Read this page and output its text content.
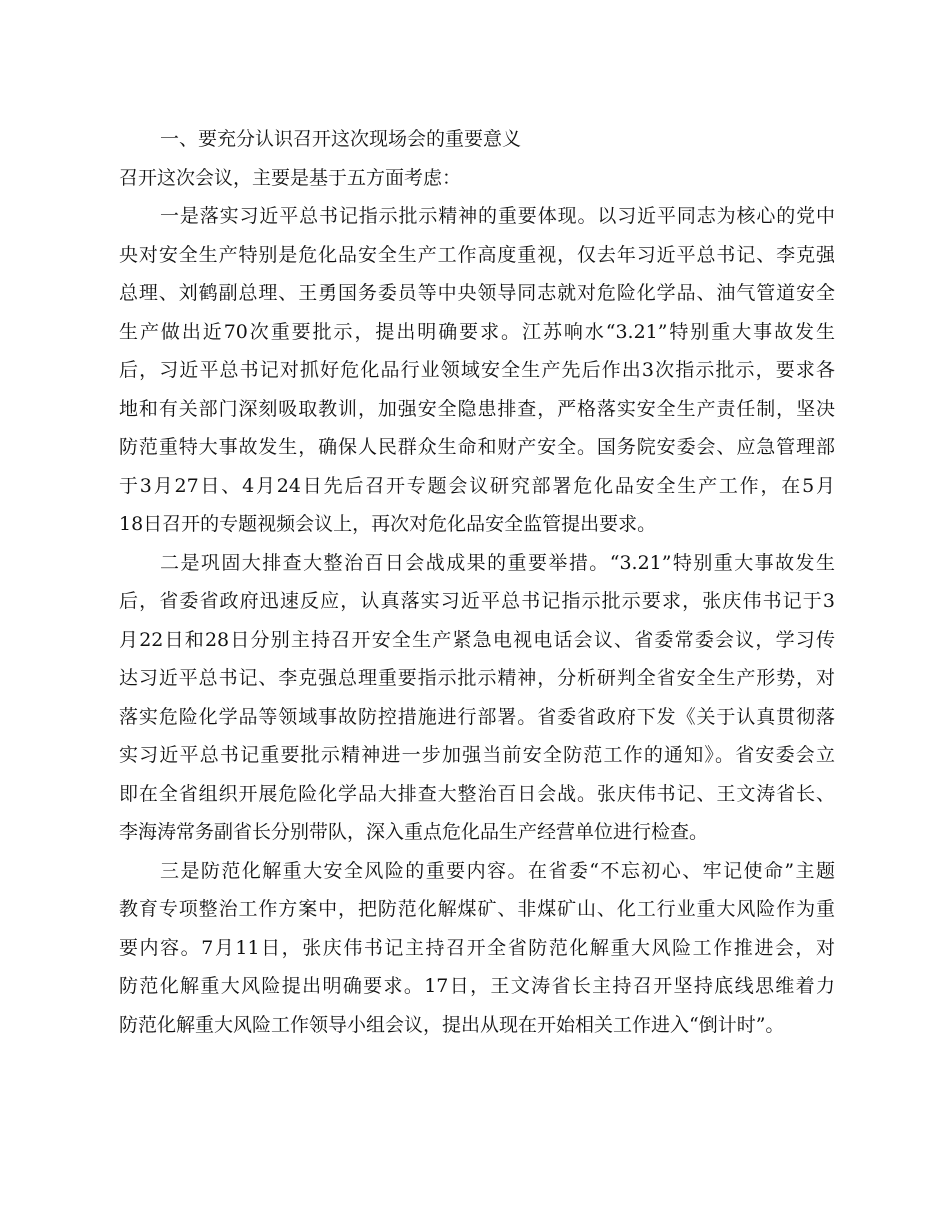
一、要充分认识召开这次现场会的重要意义
召开这次会议，主要是基于五方面考虑：
一是落实习近平总书记指示批示精神的重要体现。以习近平同志为核心的党中
央对安全生产特别是危化品安全生产工作高度重视，仅去年习近平总书记、李克强
总理、刘鹤副总理、王勇国务委员等中央领导同志就对危险化学品、油气管道安全
生产做出近70次重要批示，提出明确要求。江苏响水“3.21”特别重大事故发生
后，习近平总书记对抓好危化品行业领域安全生产先后作出3次指示批示，要求各
地和有关部门深刻吸取教训，加强安全隐患排查，严格落实安全生产责任制，坚决
防范重特大事故发生，确保人民群众生命和财产安全。国务院安委会、应急管理部
于3月27日、4月24日先后召开专题会议研究部署危化品安全生产工作，在5月
18日召开的专题视频会议上，再次对危化品安全监管提出要求。
二是巩固大排查大整治百日会战成果的重要举措。“3.21”特别重大事故发生
后，省委省政府迅速反应，认真落实习近平总书记指示批示要求，张庆伟书记于3
月22日和28日分别主持召开安全生产紧急电视电话会议、省委常委会议，学习传
达习近平总书记、李克强总理重要指示批示精神，分析研判全省安全生产形势，对
落实危险化学品等领域事故防控措施进行部署。省委省政府下发《关于认真贯彻落
实习近平总书记重要批示精神进一步加强当前安全防范工作的通知》。省安委会立
即在全省组织开展危险化学品大排查大整治百日会战。张庆伟书记、王文涛省长、
李海涛常务副省长分别带队，深入重点危化品生产经营单位进行检查。
三是防范化解重大安全风险的重要内容。在省委“不忘初心、牢记使命”主题
教育专项整治工作方案中，把防范化解煤矿、非煤矿山、化工行业重大风险作为重
要内容。7月11日，张庆伟书记主持召开全省防范化解重大风险工作推进会，对
防范化解重大风险提出明确要求。17日，王文涛省长主持召开坚持底线思维着力
防范化解重大风险工作领导小组会议，提出从现在开始相关工作进入“倒计时”。
